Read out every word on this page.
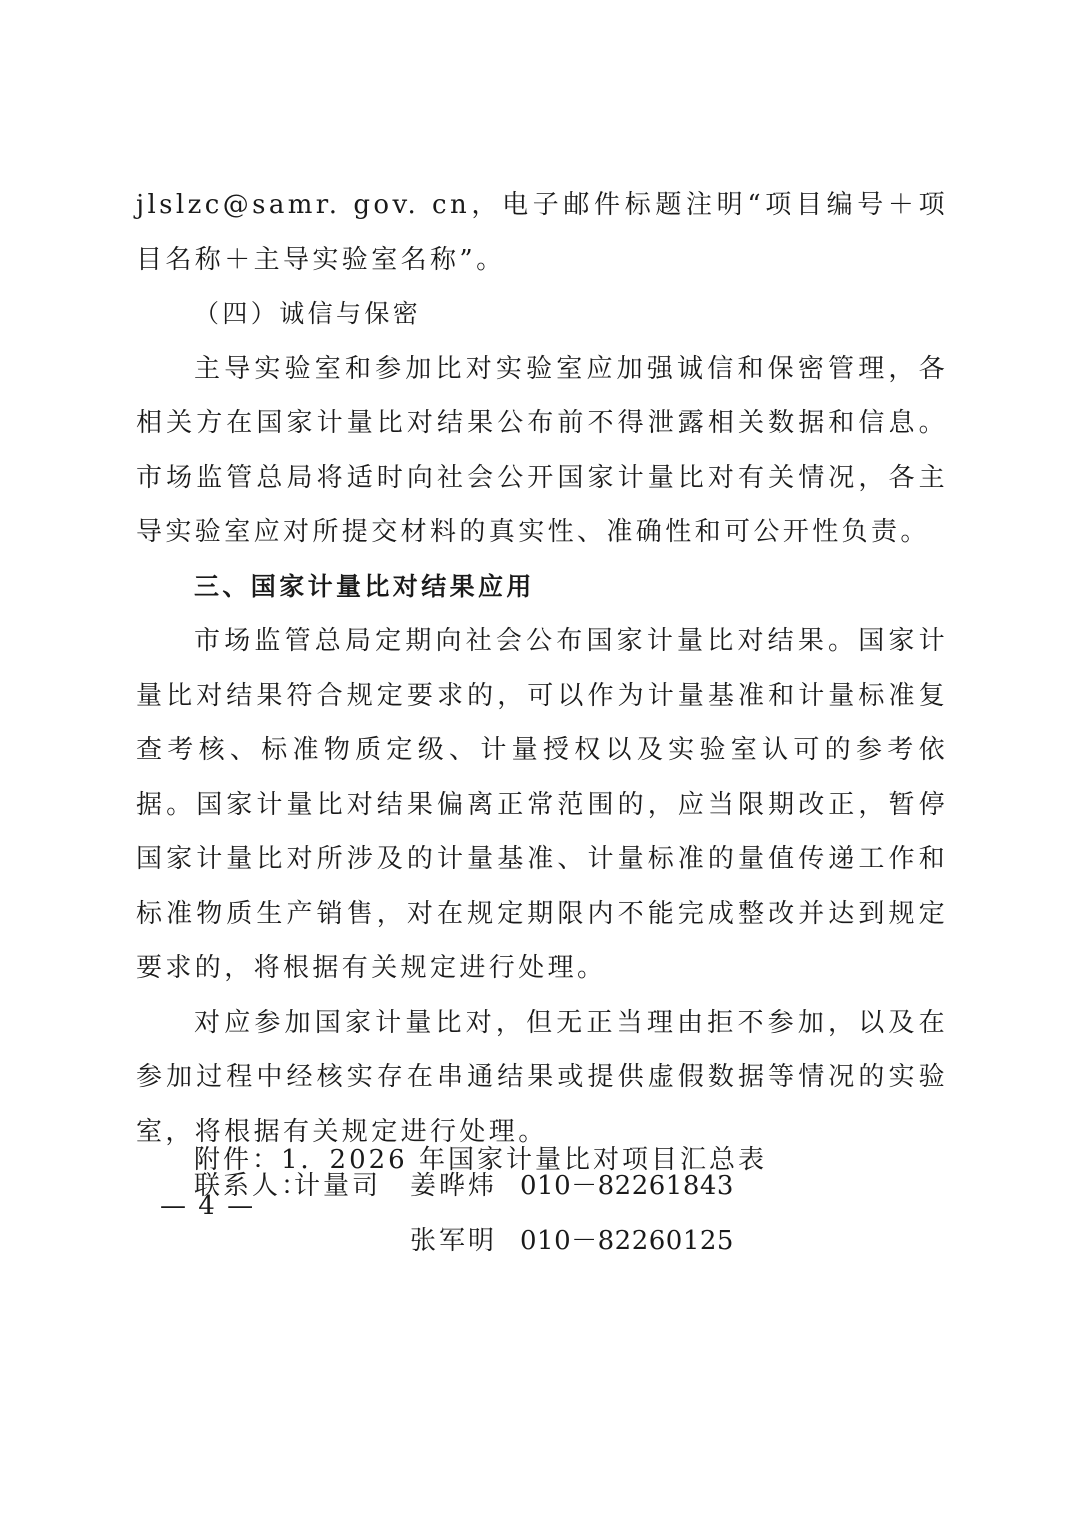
jlslzc@samr. gov. cn，电子邮件标题注明“项目编号＋项目名称＋主导实验室名称”。

（四）诚信与保密

主导实验室和参加比对实验室应加强诚信和保密管理，各相关方在国家计量比对结果公布前不得泄露相关数据和信息。市场监管总局将适时向社会公开国家计量比对有关情况，各主导实验室应对所提交材料的真实性、准确性和可公开性负责。

三、国家计量比对结果应用

市场监管总局定期向社会公布国家计量比对结果。国家计量比对结果符合规定要求的，可以作为计量基准和计量标准复查考核、标准物质定级、计量授权以及实验室认可的参考依据。国家计量比对结果偏离正常范围的，应当限期改正，暂停国家计量比对所涉及的计量基准、计量标准的量值传递工作和标准物质生产销售，对在规定期限内不能完成整改并达到规定要求的，将根据有关规定进行处理。

对应参加国家计量比对，但无正当理由拒不参加，以及在参加过程中经核实存在串通结果或提供虚假数据等情况的实验室，将根据有关规定进行处理。

联系人：
计量司 姜晔炜 010－82261843
张军明 010－82260125
附件：1．2026 年国家计量比对项目汇总表
— 4 —
